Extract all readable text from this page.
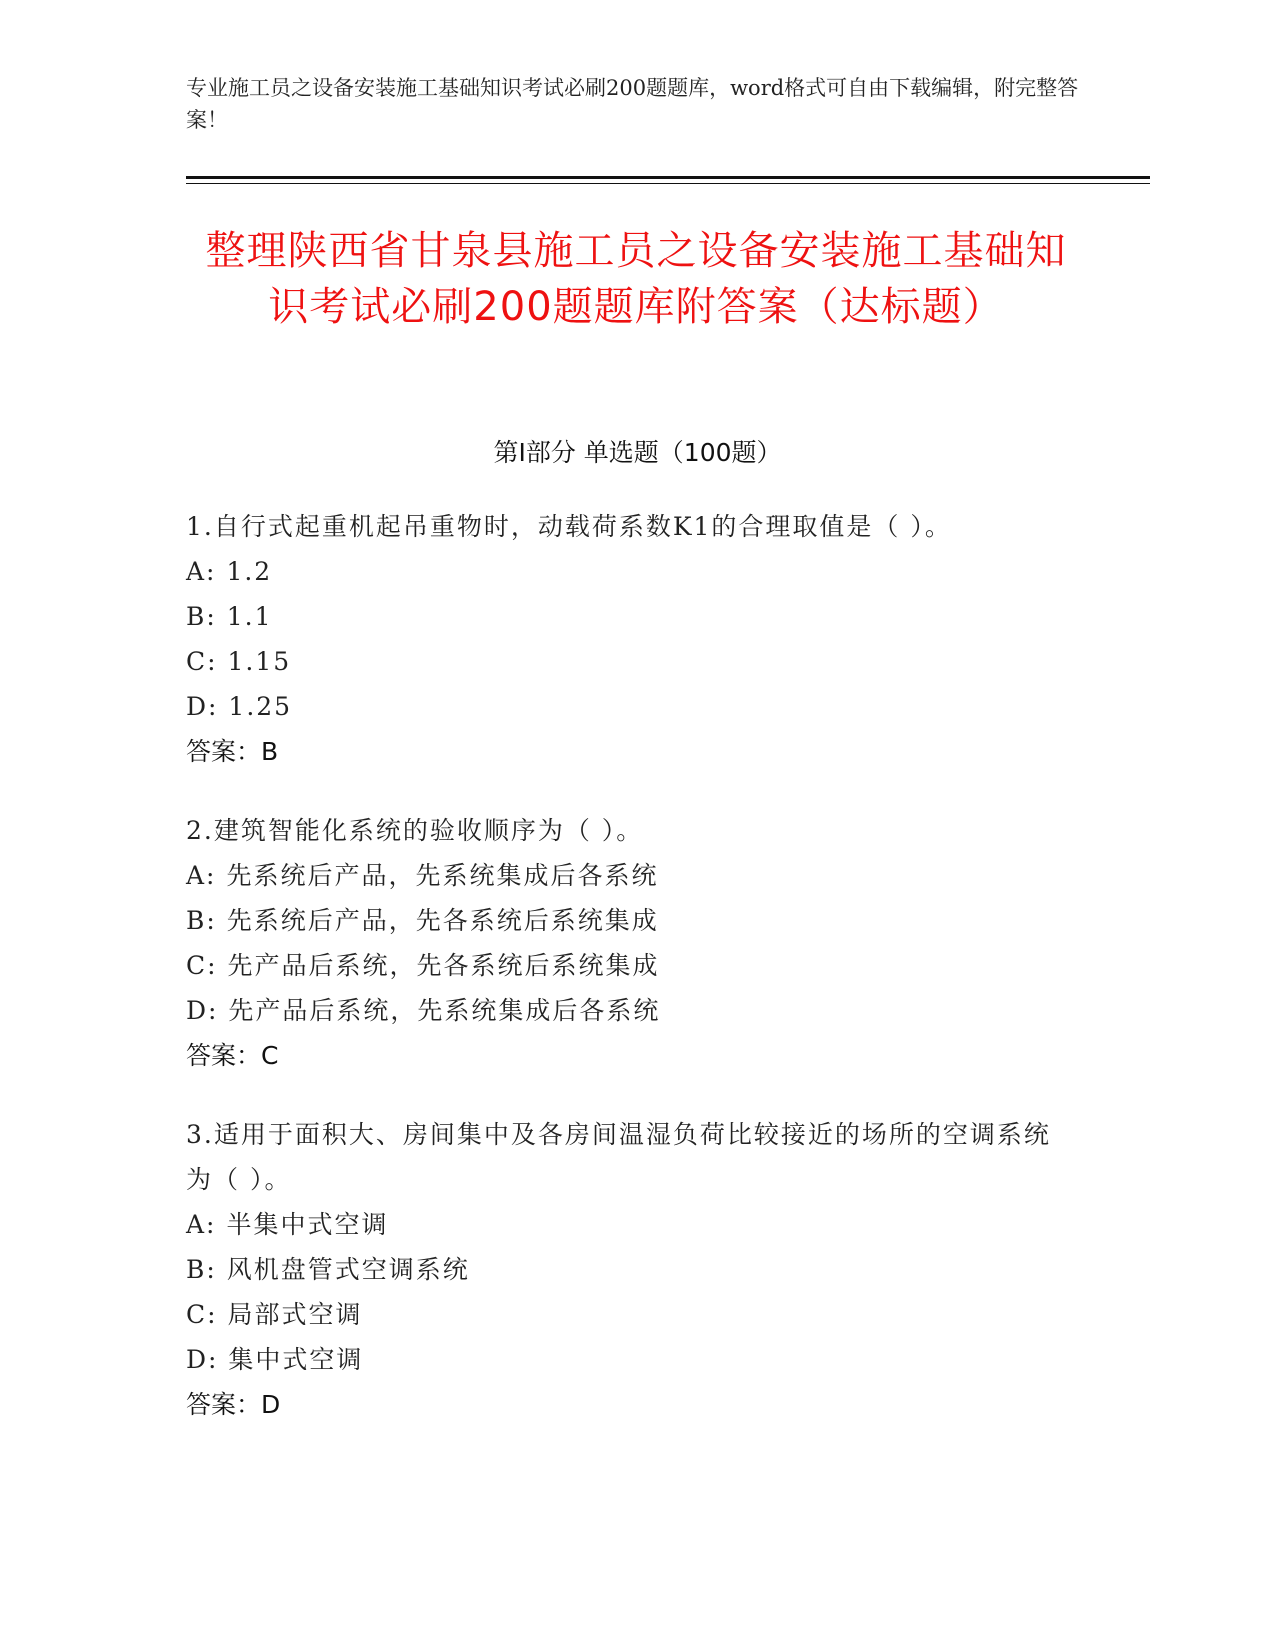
专业施工员之设备安装施工基础知识考试必刷200题题库，word格式可自由下载编辑，附完整答案！
整理陕西省甘泉县施工员之设备安装施工基础知识考试必刷200题题库附答案（达标题）
第Ⅰ部分 单选题（100题）

1.自行式起重机起吊重物时，动载荷系数K1的合理取值是（ ）。

A: 1.2

B: 1.1

C: 1.15

D: 1.25

答案：B

2.建筑智能化系统的验收顺序为（ ）。

A: 先系统后产品，先系统集成后各系统

B: 先系统后产品，先各系统后系统集成

C: 先产品后系统，先各系统后系统集成

D: 先产品后系统，先系统集成后各系统

答案：C

3.适用于面积大、房间集中及各房间温湿负荷比较接近的场所的空调系统为（ ）。

A: 半集中式空调

B: 风机盘管式空调系统

C: 局部式空调

D: 集中式空调

答案：D
